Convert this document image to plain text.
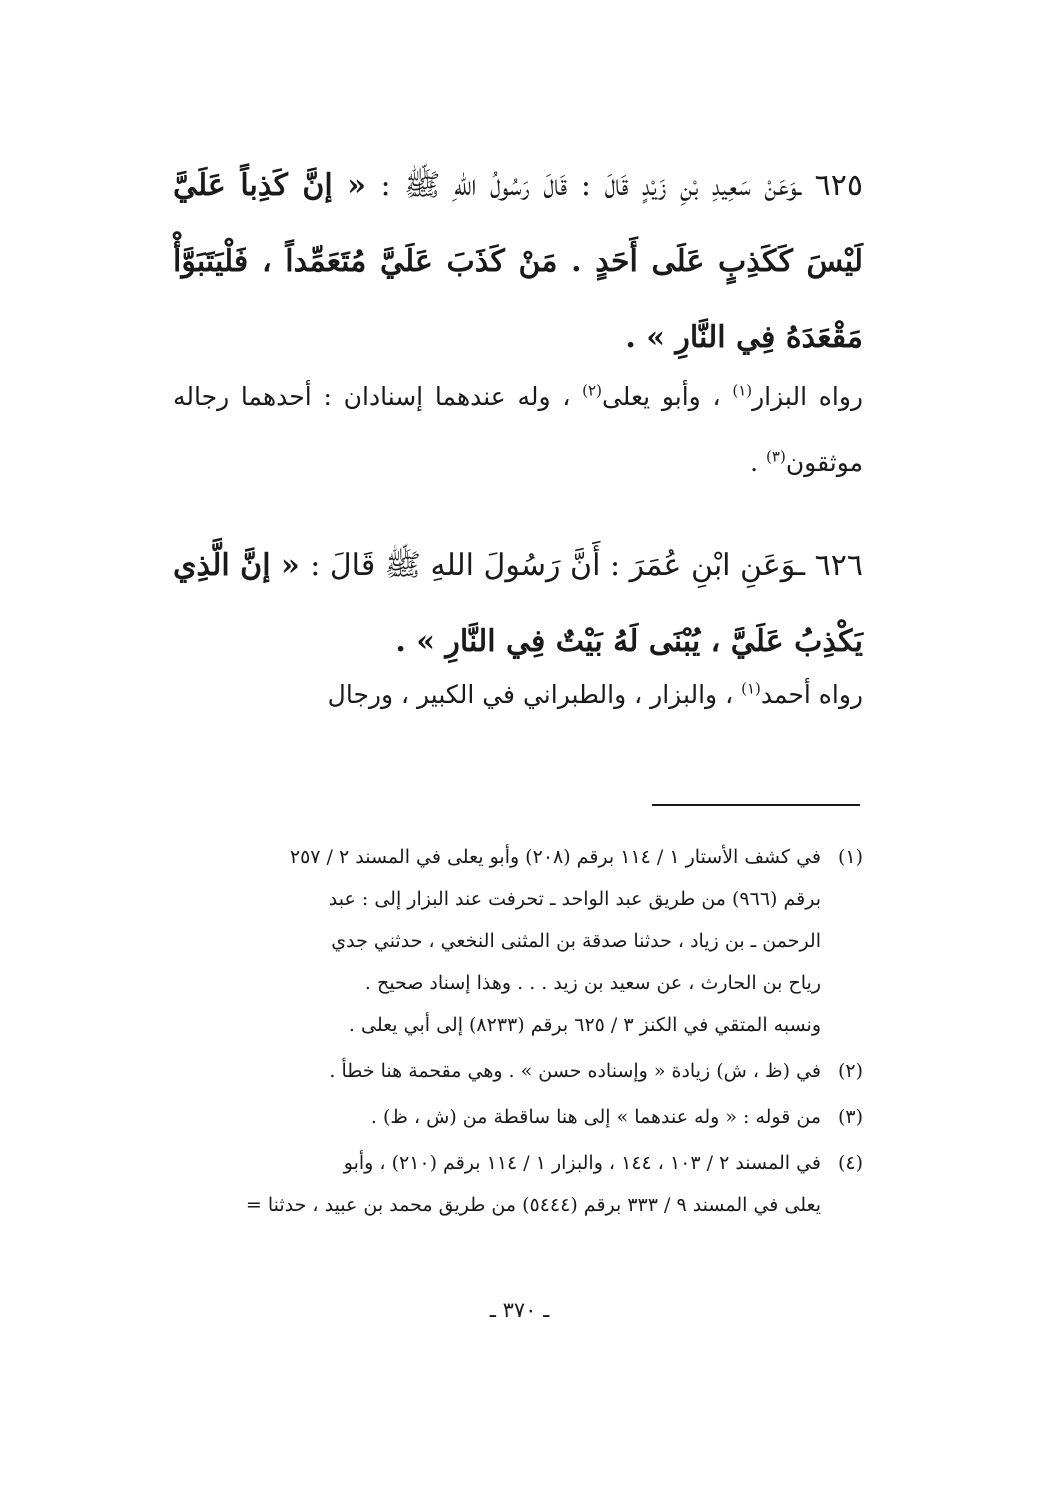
٦٢٥ ـوَعَنْ سَعِيدِ بْنِ زَيْدٍ قَالَ : قَالَ رَسُولُ اللهِ ﷺ : « إنَّ كَذِباً عَلَيَّ لَيْسَ كَكَذِبٍ عَلَى أَحَدٍ . مَنْ كَذَبَ عَلَيَّ مُتَعَمِّداً ، فَلْيَتَبَوَّأْ مَقْعَدَهُ فِي النَّارِ » .
رواه البزار$^{(١)}$ ، وأبو يعلى$^{(٢)}$ ، وله عندهما إسنادان : أحدهما رجاله موثقون$^{(٣)}$ .
٦٢٦ ـوَعَنِ ابْنِ عُمَرَ : أَنَّ رَسُولَ اللهِ ﷺ قَالَ : « إنَّ الَّذِي يَكْذِبُ عَلَيَّ ، يُبْنَى لَهُ بَيْتٌ فِي النَّارِ » .
رواه أحمد$^{(١)}$ ، والبزار ، والطبراني في الكبير ، ورجال
(١)
في كشف الأستار ١ / ١١٤ برقم (٢٠٨) وأبو يعلى في المسند ٢ / ٢٥٧
برقم (٩٦٦) من طريق عبد الواحد ـ تحرفت عند البزار إلى : عبد
الرحمن ـ بن زياد ، حدثنا صدقة بن المثنى النخعي ، حدثني جدي
رياح بن الحارث ، عن سعيد بن زيد . . . وهذا إسناد صحيح .
ونسبه المتقي في الكنز ٣ / ٦٢٥ برقم (٨٢٣٣) إلى أبي يعلى .
(٢)
في (ظ ، ش) زيادة « وإسناده حسن » . وهي مقحمة هنا خطأ .
(٣)
من قوله : « وله عندهما » إلى هنا ساقطة من (ش ، ظ) .
(٤)
في المسند ٢ / ١٠٣ ، ١٤٤ ، والبزار ١ / ١١٤ برقم (٢١٠) ، وأبو
يعلى في المسند ٩ / ٣٣٣ برقم (٥٤٤٤) من طريق محمد بن عبيد ، حدثنا =
ـ ٣٧٠ ـ
